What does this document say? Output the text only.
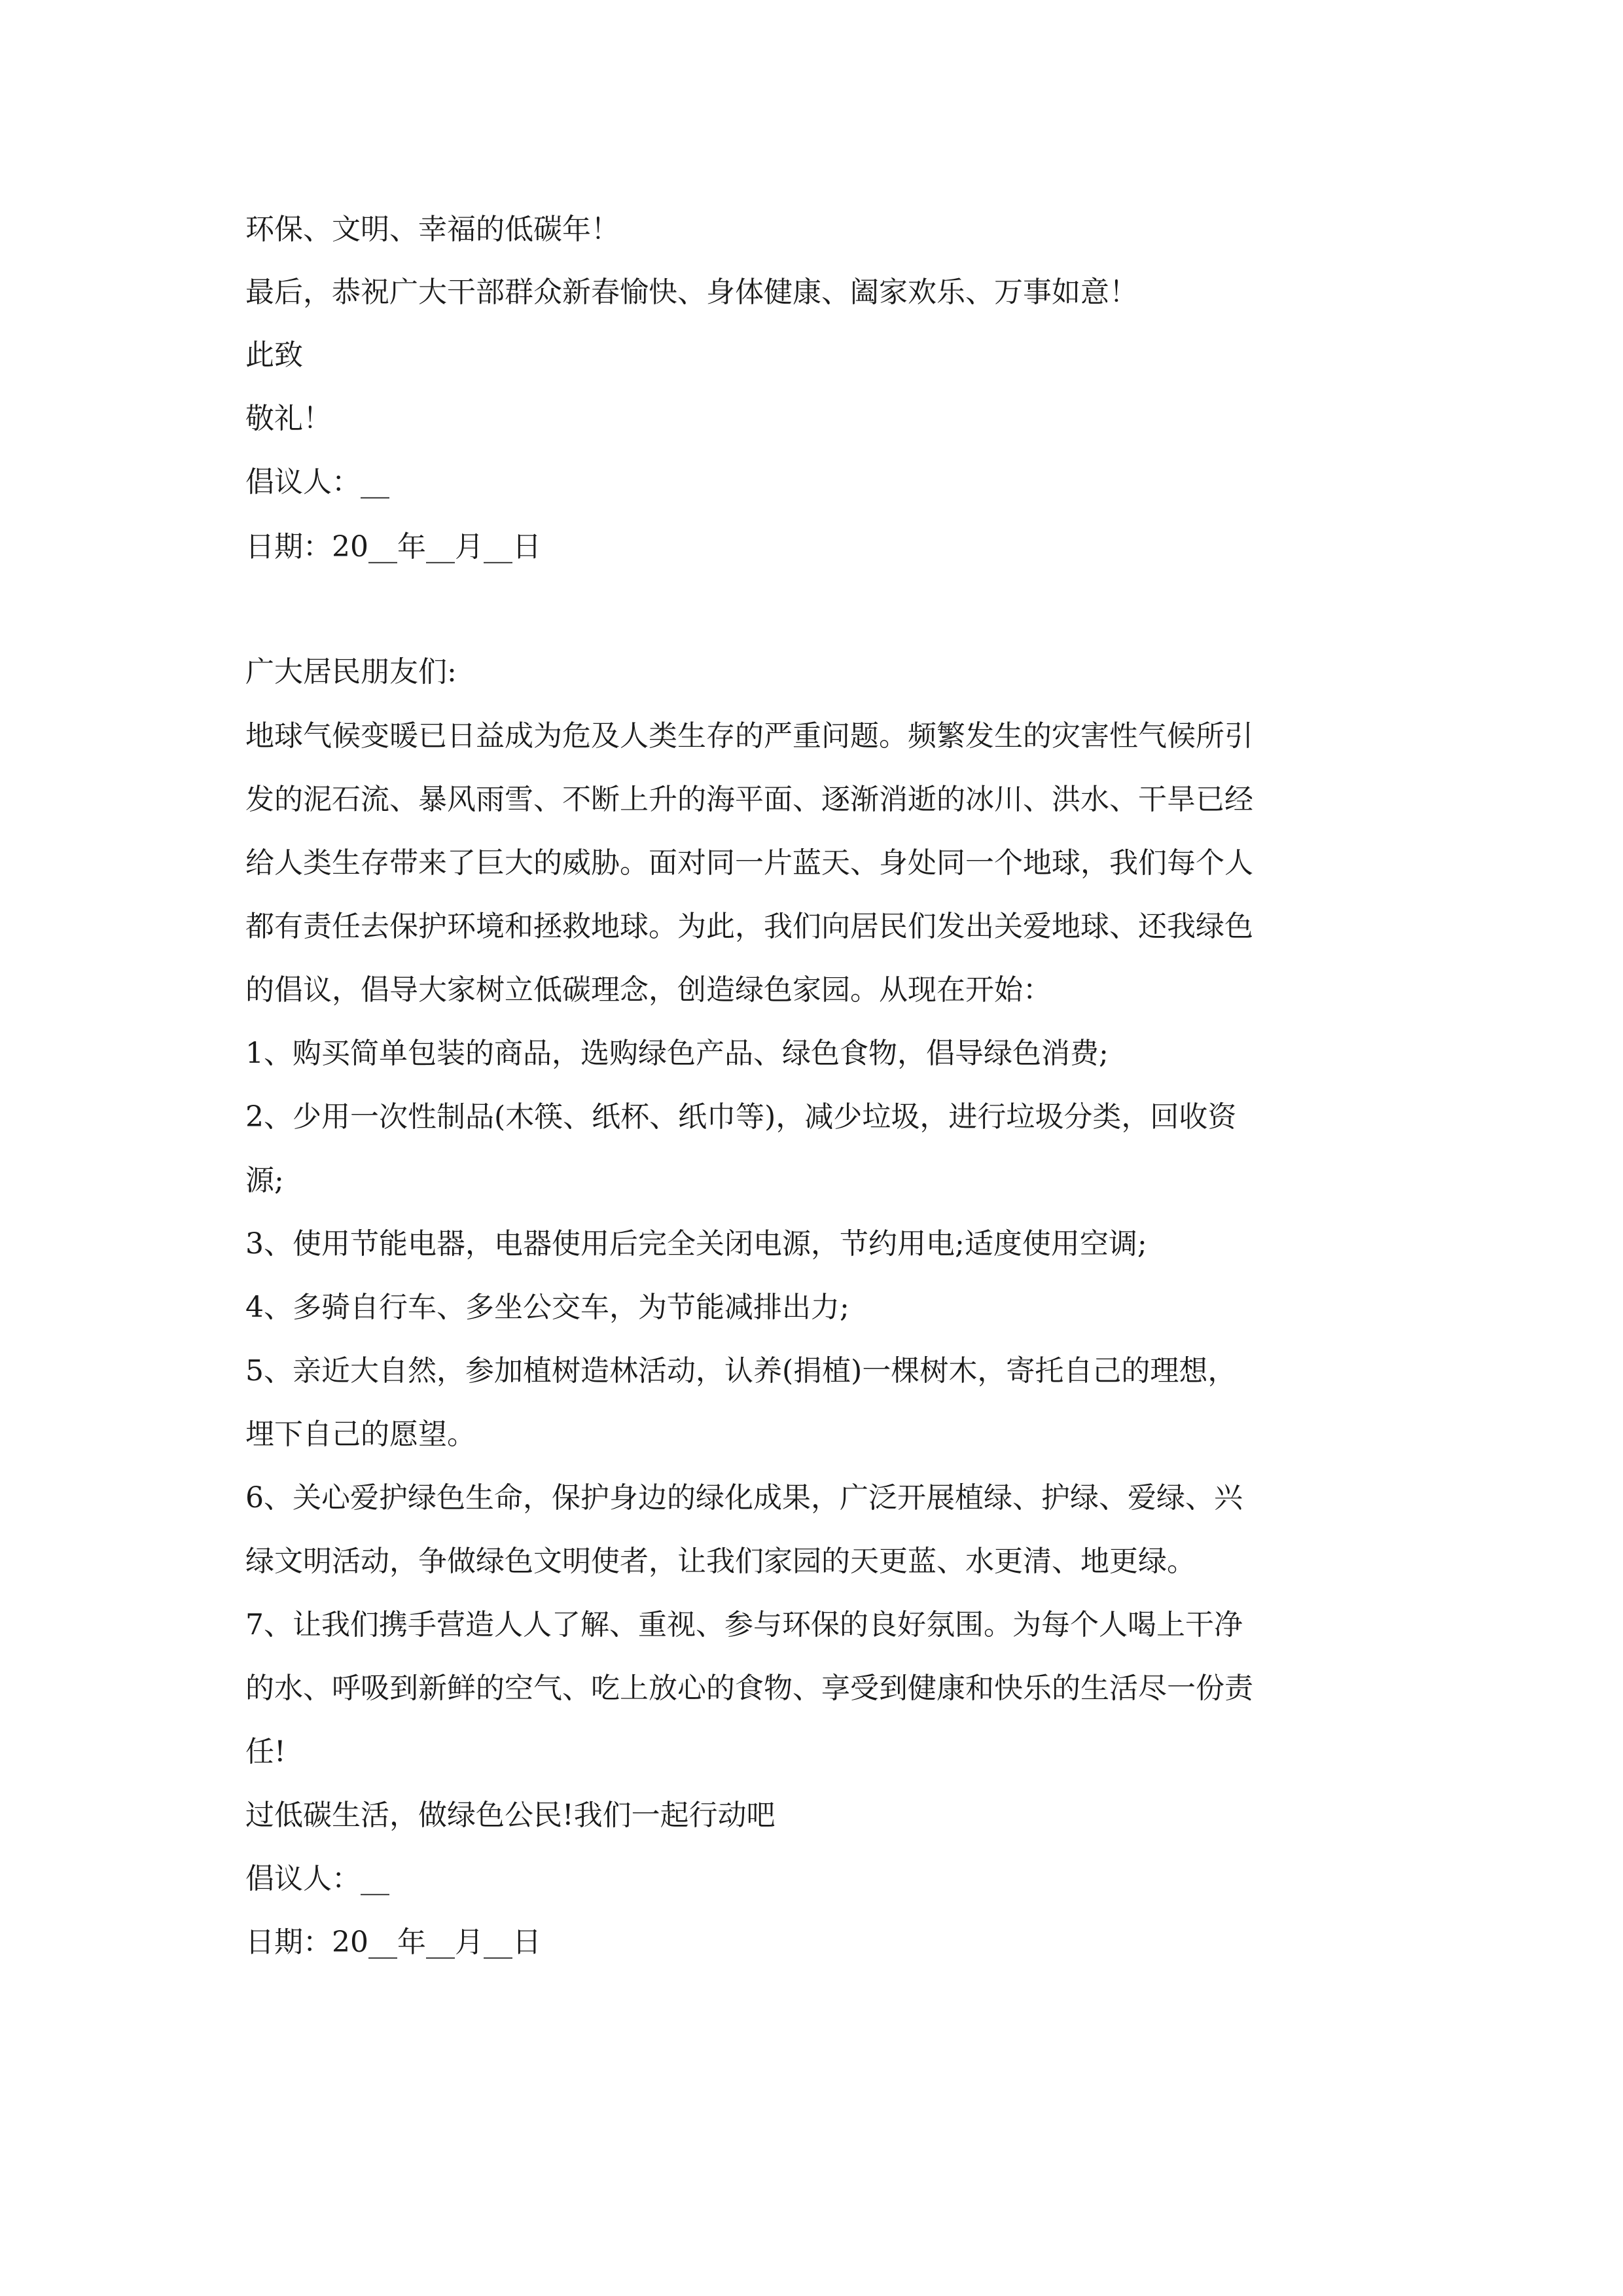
环保、文明、幸福的低碳年！
最后，恭祝广大干部群众新春愉快、身体健康、阖家欢乐、万事如意！
此致
敬礼！
倡议人：__
日期：20__年__月__日
广大居民朋友们:
地球气候变暖已日益成为危及人类生存的严重问题。频繁发生的灾害性气候所引
发的泥石流、暴风雨雪、不断上升的海平面、逐渐消逝的冰川、洪水、干旱已经
给人类生存带来了巨大的威胁。面对同一片蓝天、身处同一个地球，我们每个人
都有责任去保护环境和拯救地球。为此，我们向居民们发出关爱地球、还我绿色
的倡议，倡导大家树立低碳理念，创造绿色家园。从现在开始：
1、购买简单包装的商品，选购绿色产品、绿色食物，倡导绿色消费;
2、少用一次性制品(木筷、纸杯、纸巾等)，减少垃圾，进行垃圾分类，回收资
源;
3、使用节能电器，电器使用后完全关闭电源，节约用电;适度使用空调;
4、多骑自行车、多坐公交车，为节能减排出力;
5、亲近大自然，参加植树造林活动，认养(捐植)一棵树木，寄托自己的理想，
埋下自己的愿望。
6、关心爱护绿色生命，保护身边的绿化成果，广泛开展植绿、护绿、爱绿、兴
绿文明活动，争做绿色文明使者，让我们家园的天更蓝、水更清、地更绿。
7、让我们携手营造人人了解、重视、参与环保的良好氛围。为每个人喝上干净
的水、呼吸到新鲜的空气、吃上放心的食物、享受到健康和快乐的生活尽一份责
任!
过低碳生活，做绿色公民!我们一起行动吧
倡议人：__
日期：20__年__月__日
